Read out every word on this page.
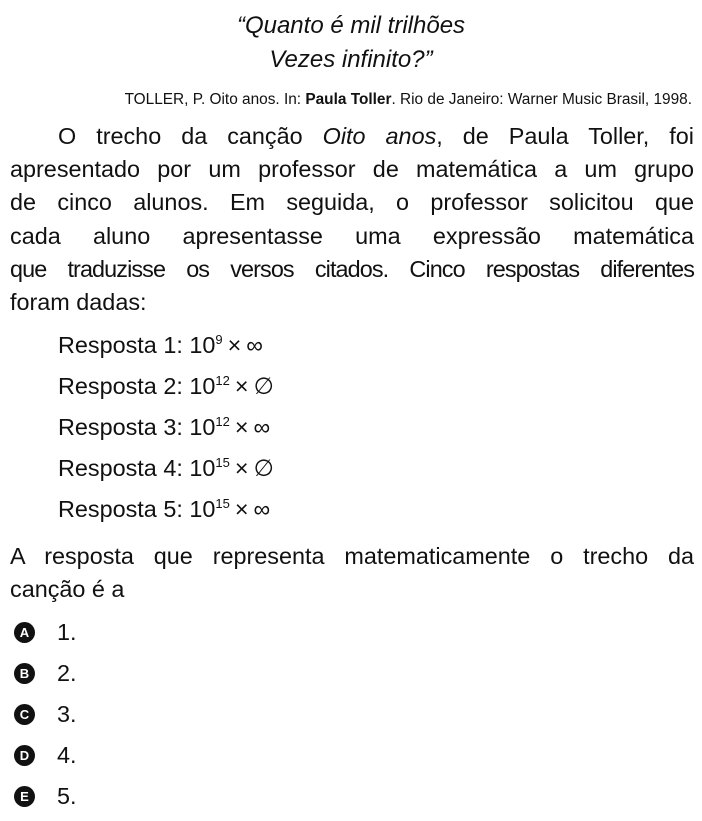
“Quanto é mil trilhões
Vezes infinito?”
TOLLER, P. Oito anos. In: Paula Toller. Rio de Janeiro: Warner Music Brasil, 1998.
O trecho da canção Oito anos, de Paula Toller, foi
apresentado por um professor de matemática a um grupo
de cinco alunos. Em seguida, o professor solicitou que
cada aluno apresentasse uma expressão matemática
que traduzisse os versos citados. Cinco respostas diferentes
foram dadas:
Resposta 1: $10^9$ × ∞
Resposta 2: $10^{12}$ × ∅
Resposta 3: $10^{12}$ × ∞
Resposta 4: $10^{15}$ × ∅
Resposta 5: $10^{15}$ × ∞
A resposta que representa matematicamente o trecho da
canção é a
A 1.
B 2.
C 3.
D 4.
E 5.
